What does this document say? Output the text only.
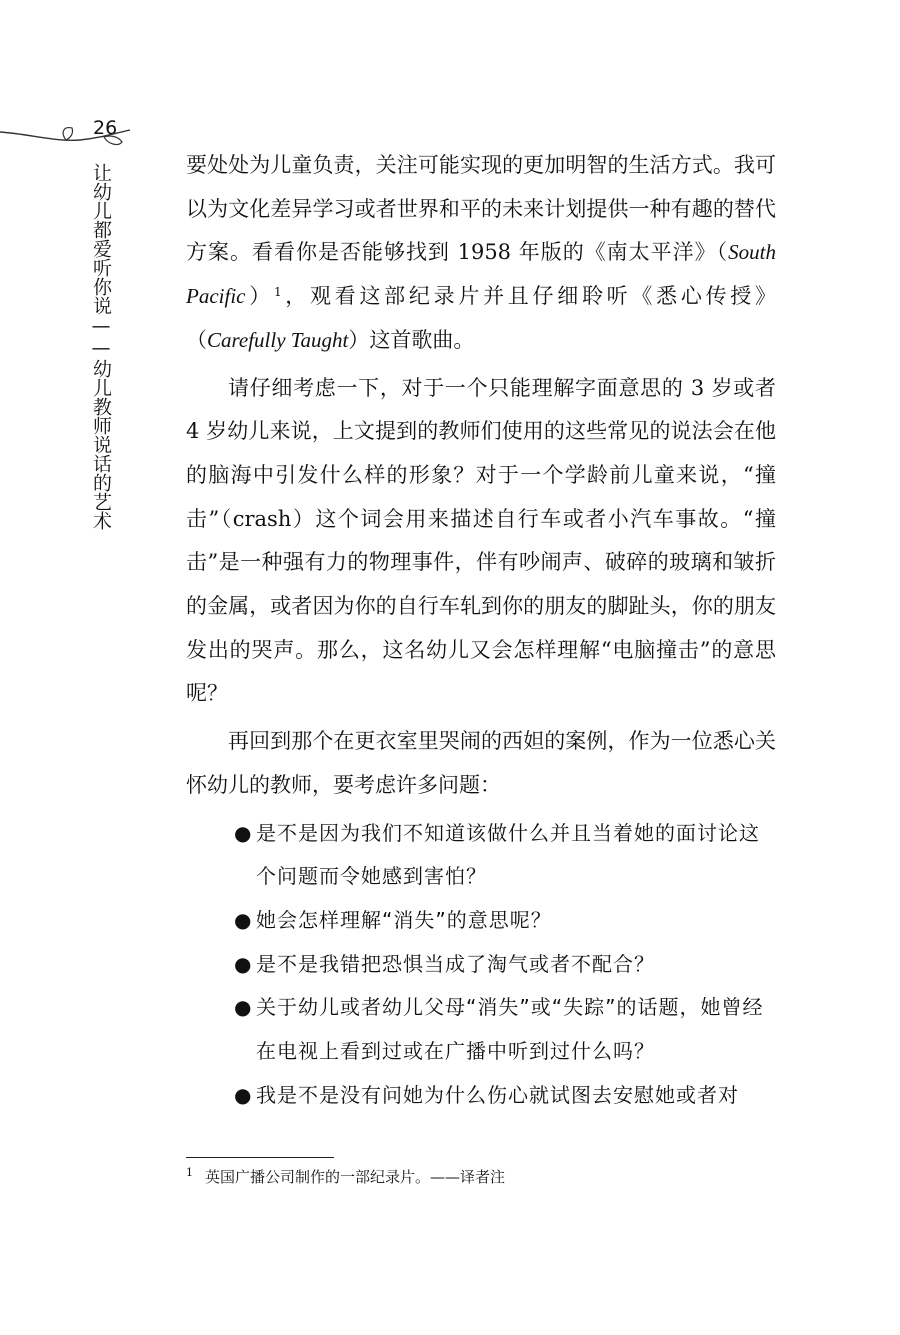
26
让幼儿都爱听你说——幼儿教师说话的艺术	要处处为儿童负责，关注可能实现的更加明智的生活方式。我可以为文化差异学习或者世界和平的未来计划提供一种有趣的替代方案。看看你是否能够找到 1958 年版的《南太平洋》（South Pacific）$^1$，观看这部纪录片并且仔细聆听《悉心传授》（Carefully Taught）这首歌曲。

请仔细考虑一下，对于一个只能理解字面意思的 3 岁或者 4 岁幼儿来说，上文提到的教师们使用的这些常见的说法会在他的脑海中引发什么样的形象？对于一个学龄前儿童来说，“撞击”（crash）这个词会用来描述自行车或者小汽车事故。“撞击”是一种强有力的物理事件，伴有吵闹声、破碎的玻璃和皱折的金属，或者因为你的自行车轧到你的朋友的脚趾头，你的朋友发出的哭声。那么，这名幼儿又会怎样理解“电脑撞击”的意思呢？

再回到那个在更衣室里哭闹的西妲的案例，作为一位悉心关怀幼儿的教师，要考虑许多问题：

● 是不是因为我们不知道该做什么并且当着她的面讨论这个问题而令她感到害怕？
● 她会怎样理解“消失”的意思呢？
● 是不是我错把恐惧当成了淘气或者不配合？
● 关于幼儿或者幼儿父母“消失”或“失踪”的话题，她曾经在电视上看到过或在广播中听到过什么吗？
● 我是不是没有问她为什么伤心就试图去安慰她或者对
$^1$ 英国广播公司制作的一部纪录片。——译者注
